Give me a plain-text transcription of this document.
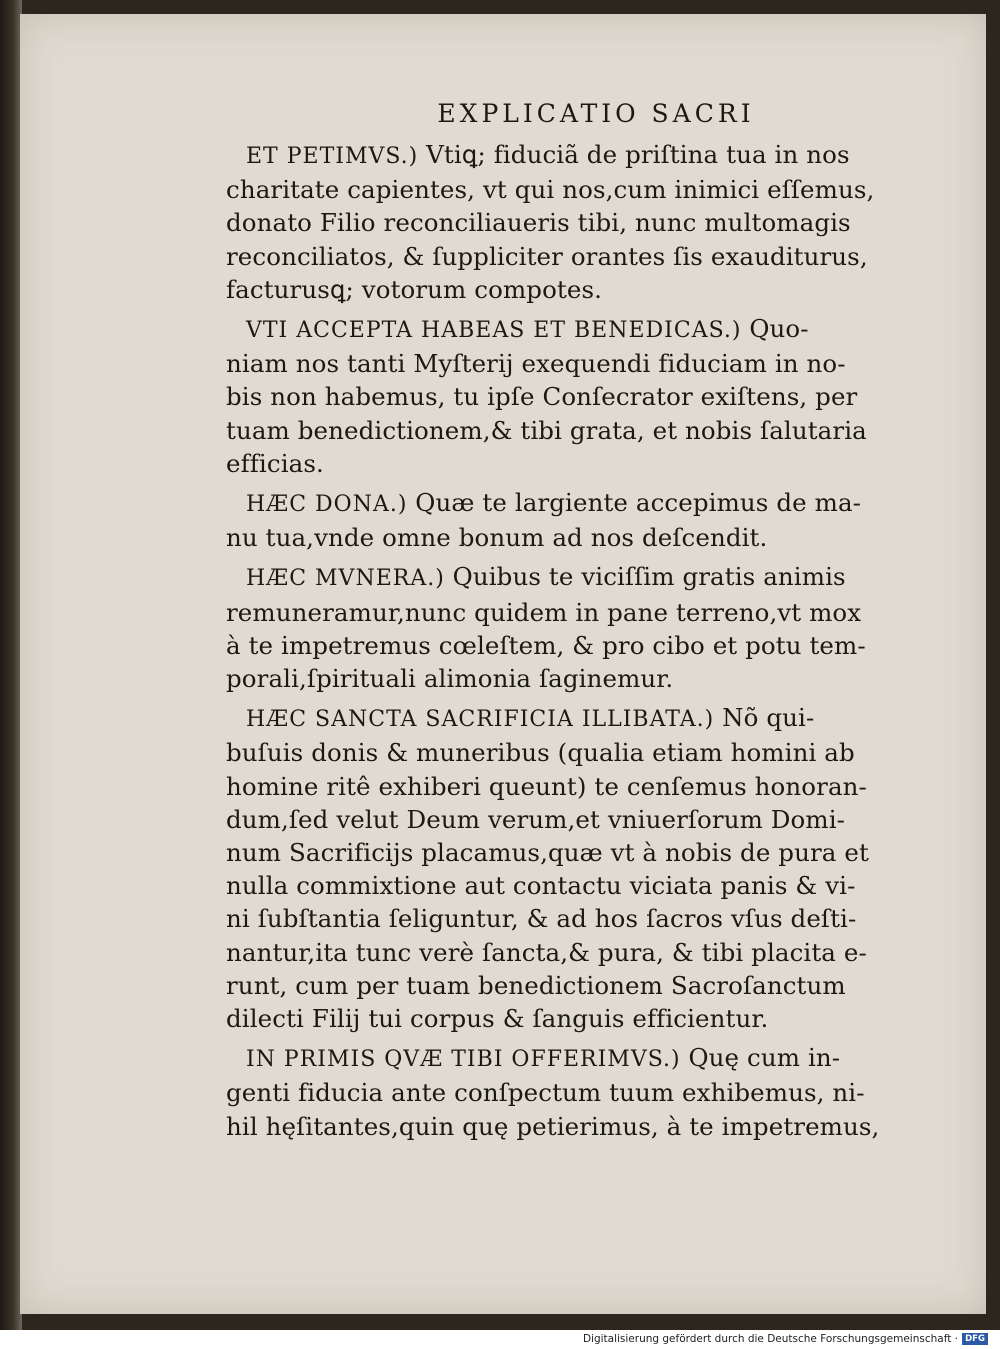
EXPLICATIO SACRI
ET PETIMVS.) Vtiꝗ; fiduciã de priſtina tua in nos
charitate capientes, vt qui nos,cum inimici eſſemus,
donato Filio reconciliaueris tibi, nunc multomagis
reconciliatos, & ſuppliciter orantes ſis exauditurus,
facturusꝗ; votorum compotes.
VTI ACCEPTA HABEAS ET BENEDICAS.) Quo-
niam nos tanti Myſterij exequendi fiduciam in no-
bis non habemus, tu ipſe Conſecrator exiſtens, per
tuam benedictionem,& tibi grata, et nobis ſalutaria
efficias.
HÆC DONA.) Quæ te largiente accepimus de ma-
nu tua,vnde omne bonum ad nos deſcendit.
HÆC MVNERA.) Quibus te viciſſim gratis animis
remuneramur,nunc quidem in pane terreno,vt mox
à te impetremus cœleſtem, & pro cibo et potu tem-
porali,ſpirituali alimonia ſaginemur.
HÆC SANCTA SACRIFICIA ILLIBATA.) Nõ qui-
buſuis donis & muneribus (qualia etiam homini ab
homine ritê exhiberi queunt) te cenſemus honoran-
dum,ſed velut Deum verum,et vniuerſorum Domi-
num Sacrificijs placamus,quæ vt à nobis de pura et
nulla commixtione aut contactu viciata panis & vi-
ni ſubſtantia ſeliguntur, & ad hos ſacros vſus deſti-
nantur,ita tunc verè ſancta,& pura, & tibi placita e-
runt, cum per tuam benedictionem Sacroſanctum
dilecti Filij tui corpus & ſanguis efficientur.
IN PRIMIS QVÆ TIBI OFFERIMVS.) Quę cum in-
genti fiducia ante conſpectum tuum exhibemus, ni-
hil hęſitantes,quin quę petierimus, à te impetremus,
Digitalisierung gefördert durch die Deutsche Forschungsgemeinschaft · DFG
